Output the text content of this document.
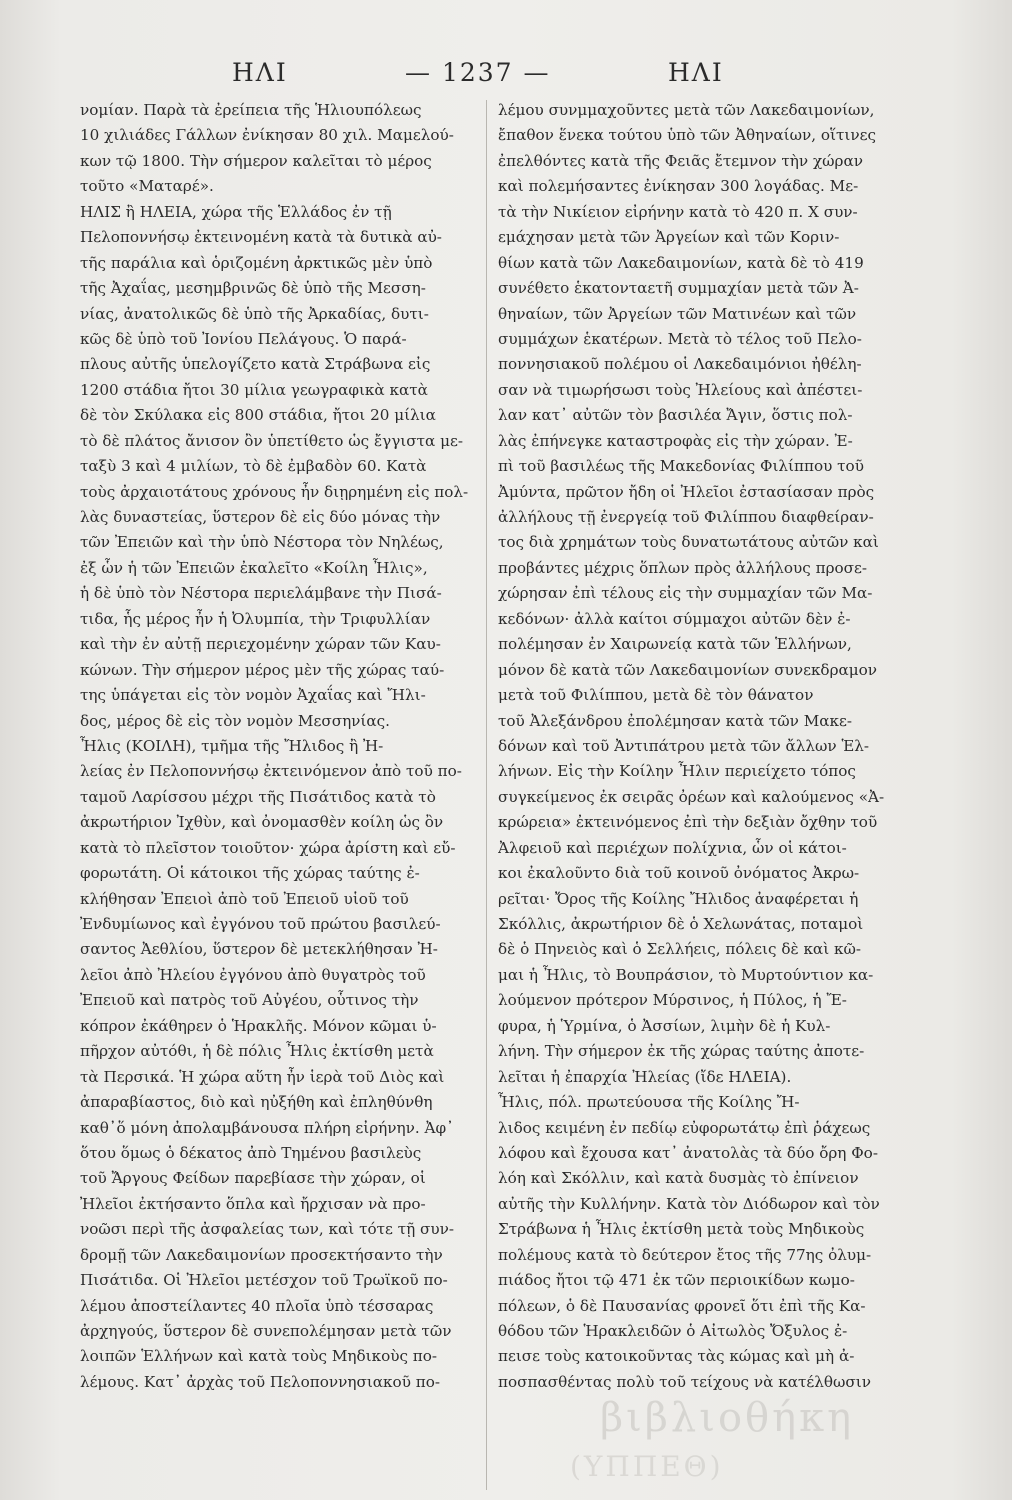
ΗΛΙ	— 1237 —	ΗΛΙ
νομίαν. Παρὰ τὰ ἐρείπεια τῆς Ἡλιουπόλεως
10 χιλιάδες Γάλλων ἐνίκησαν 80 χιλ. Μαμελού-
κων τῷ 1800. Τὴν σήμερον καλεῖται τὸ μέρος
τοῦτο «Ματαρέ».
ΗΛΙΣ ἢ ΗΛΕΙΑ, χώρα τῆς Ἑλλάδος ἐν τῇ
Πελοποννήσῳ ἐκτεινομένη κατὰ τὰ δυτικὰ αὐ-
τῆς παράλια καὶ ὁριζομένη ἀρκτικῶς μὲν ὑπὸ
τῆς Ἀχαΐας, μεσημβρινῶς δὲ ὑπὸ τῆς Μεσση-
νίας, ἀνατολικῶς δὲ ὑπὸ τῆς Ἀρκαδίας, δυτι-
κῶς δὲ ὑπὸ τοῦ Ἰονίου Πελάγους. Ὁ παρά-
πλους αὐτῆς ὑπελογίζετο κατὰ Στράβωνα εἰς
1200 στάδια ἤτοι 30 μίλια γεωγραφικὰ κατὰ
δὲ τὸν Σκύλακα εἰς 800 στάδια, ἤτοι 20 μίλια
τὸ δὲ πλάτος ἄνισον ὂν ὑπετίθετο ὡς ἔγγιστα με-
ταξὺ 3 καὶ 4 μιλίων, τὸ δὲ ἐμβαδὸν 60. Κατὰ
τοὺς ἀρχαιοτάτους χρόνους ἦν διῃρημένη εἰς πολ-
λὰς δυναστείας, ὕστερον δὲ εἰς δύο μόνας τὴν
τῶν Ἐπειῶν καὶ τὴν ὑπὸ Νέστορα τὸν Νηλέως,
ἐξ ὧν ἡ τῶν Ἐπειῶν ἐκαλεῖτο «Κοίλη Ἦλις»,
ἡ δὲ ὑπὸ τὸν Νέστορα περιελάμβανε τὴν Πισά-
τιδα, ἧς μέρος ἦν ἡ Ὀλυμπία, τὴν Τριφυλλίαν
καὶ τὴν ἐν αὐτῇ περιεχομένην χώραν τῶν Καυ-
κώνων. Τὴν σήμερον μέρος μὲν τῆς χώρας ταύ-
της ὑπάγεται εἰς τὸν νομὸν Ἀχαΐας καὶ Ἤλι-
δος, μέρος δὲ εἰς τὸν νομὸν Μεσσηνίας.
Ἦλις (ΚΟΙΛΗ), τμῆμα τῆς Ἤλιδος ἢ Ἠ-
λείας ἐν Πελοποννήσῳ ἐκτεινόμενον ἀπὸ τοῦ πο-
ταμοῦ Λαρίσσου μέχρι τῆς Πισάτιδος κατὰ τὸ
ἀκρωτήριον Ἰχθὺν, καὶ ὀνομασθὲν κοίλη ὡς ὂν
κατὰ τὸ πλεῖστον τοιοῦτον· χώρα ἀρίστη καὶ εὔ-
φορωτάτη. Οἱ κάτοικοι τῆς χώρας ταύτης ἐ-
κλήθησαν Ἐπειοὶ ἀπὸ τοῦ Ἐπειοῦ υἱοῦ τοῦ
Ἐνδυμίωνος καὶ ἐγγόνου τοῦ πρώτου βασιλεύ-
σαντος Ἀεθλίου, ὕστερον δὲ μετεκλήθησαν Ἠ-
λεῖοι ἀπὸ Ἠλείου ἐγγόνου ἀπὸ θυγατρὸς τοῦ
Ἐπειοῦ καὶ πατρὸς τοῦ Αὐγέου, οὗτινος τὴν
κόπρον ἐκάθηρεν ὁ Ἡρακλῆς. Μόνον κῶμαι ὑ-
πῆρχον αὐτόθι, ἡ δὲ πόλις Ἦλις ἐκτίσθη μετὰ
τὰ Περσικά. Ἡ χώρα αὕτη ἦν ἱερὰ τοῦ Διὸς καὶ
ἀπαραβίαστος, διὸ καὶ ηὐξήθη καὶ ἐπληθύνθη
καθ᾽ὅ μόνη ἀπολαμβάνουσα πλήρη εἰρήνην. Ἀφ᾽
ὅτου ὅμως ὁ δέκατος ἀπὸ Τημένου βασιλεὺς
τοῦ Ἄργους Φείδων παρεβίασε τὴν χώραν, οἱ
Ἠλεῖοι ἐκτήσαντο ὅπλα καὶ ἤρχισαν νὰ προ-
νοῶσι περὶ τῆς ἀσφαλείας των, καὶ τότε τῇ συν-
δρομῇ τῶν Λακεδαιμονίων προσεκτήσαντο τὴν
Πισάτιδα. Οἱ Ἠλεῖοι μετέσχον τοῦ Τρωϊκοῦ πο-
λέμου ἀποστείλαντες 40 πλοῖα ὑπὸ τέσσαρας
ἀρχηγούς, ὕστερον δὲ συνεπολέμησαν μετὰ τῶν
λοιπῶν Ἑλλήνων καὶ κατὰ τοὺς Μηδικοὺς πο-
λέμους. Κατ᾽ ἀρχὰς τοῦ Πελοποννησιακοῦ πο-
λέμου συνμμαχοῦντες μετὰ τῶν Λακεδαιμονίων,
ἔπαθον ἕνεκα τούτου ὑπὸ τῶν Ἀθηναίων, οἵτινες
ἐπελθόντες κατὰ τῆς Φειᾶς ἔτεμνον τὴν χώραν
καὶ πολεμήσαντες ἐνίκησαν 300 λογάδας. Με-
τὰ τὴν Νικίειον εἰρήνην κατὰ τὸ 420 π. Χ συν-
εμάχησαν μετὰ τῶν Ἀργείων καὶ τῶν Κοριν-
θίων κατὰ τῶν Λακεδαιμονίων, κατὰ δὲ τὸ 419
συνέθετο ἑκατονταετῆ συμμαχίαν μετὰ τῶν Ἀ-
θηναίων, τῶν Ἀργείων τῶν Ματινέων καὶ τῶν
συμμάχων ἑκατέρων. Μετὰ τὸ τέλος τοῦ Πελο-
ποννησιακοῦ πολέμου οἱ Λακεδαιμόνιοι ἠθέλη-
σαν νὰ τιμωρήσωσι τοὺς Ἠλείους καὶ ἀπέστει-
λαν κατ᾽ αὐτῶν τὸν βασιλέα Ἄγιν, ὅστις πολ-
λὰς ἐπήνεγκε καταστροφὰς εἰς τὴν χώραν. Ἐ-
πὶ τοῦ βασιλέως τῆς Μακεδονίας Φιλίππου τοῦ
Ἀμύντα, πρῶτον ἤδη οἱ Ἠλεῖοι ἐστασίασαν πρὸς
ἀλλήλους τῇ ἐνεργείᾳ τοῦ Φιλίππου διαφθείραν-
τος διὰ χρημάτων τοὺς δυνατωτάτους αὐτῶν καὶ
προβάντες μέχρις ὅπλων πρὸς ἀλλήλους προσε-
χώρησαν ἐπὶ τέλους εἰς τὴν συμμαχίαν τῶν Μα-
κεδόνων· ἀλλὰ καίτοι σύμμαχοι αὐτῶν δὲν ἐ-
πολέμησαν ἐν Χαιρωνείᾳ κατὰ τῶν Ἑλλήνων,
μόνον δὲ κατὰ τῶν Λακεδαιμονίων συνεκδραμον
μετὰ τοῦ Φιλίππου, μετὰ δὲ τὸν θάνατον
τοῦ Ἀλεξάνδρου ἐπολέμησαν κατὰ τῶν Μακε-
δόνων καὶ τοῦ Ἀντιπάτρου μετὰ τῶν ἄλλων Ἑλ-
λήνων. Εἰς τὴν Κοίλην Ἦλιν περιείχετο τόπος
συγκείμενος ἐκ σειρᾶς ὀρέων καὶ καλούμενος «Ἀ-
κρώρεια» ἐκτεινόμενος ἐπὶ τὴν δεξιὰν ὄχθην τοῦ
Ἀλφειοῦ καὶ περιέχων πολίχνια, ὧν οἱ κάτοι-
κοι ἐκαλοῦντο διὰ τοῦ κοινοῦ ὀνόματος Ἀκρω-
ρεῖται· Ὄρος τῆς Κοίλης Ἤλιδος ἀναφέρεται ἡ
Σκόλλις, ἀκρωτήριον δὲ ὁ Χελωνάτας, ποταμοὶ
δὲ ὁ Πηνειὸς καὶ ὁ Σελλήεις, πόλεις δὲ καὶ κῶ-
μαι ἡ Ἦλις, τὸ Βουπράσιον, τὸ Μυρτούντιον κα-
λούμενον πρότερον Μύρσινος, ἡ Πύλος, ἡ Ἔ-
φυρα, ἡ Ὑρμίνα, ὁ Ἀσσίων, λιμὴν δὲ ἡ Κυλ-
λήνη. Τὴν σήμερον ἐκ τῆς χώρας ταύτης ἀποτε-
λεῖται ἡ ἐπαρχία Ἠλείας (ἴδε ΗΛΕΙΑ).
Ἦλις, πόλ. πρωτεύουσα τῆς Κοίλης Ἤ-
λιδος κειμένη ἐν πεδίῳ εὐφορωτάτῳ ἐπὶ ῥάχεως
λόφου καὶ ἔχουσα κατ᾽ ἀνατολὰς τὰ δύο ὄρη Φο-
λόη καὶ Σκόλλιν, καὶ κατὰ δυσμὰς τὸ ἐπίνειον
αὐτῆς τὴν Κυλλήνην. Κατὰ τὸν Διόδωρον καὶ τὸν
Στράβωνα ἡ Ἦλις ἐκτίσθη μετὰ τοὺς Μηδικοὺς
πολέμους κατὰ τὸ δεύτερον ἔτος τῆς 77ης ὀλυμ-
πιάδος ἤτοι τῷ 471 ἐκ τῶν περιοικίδων κωμο-
πόλεων, ὁ δὲ Παυσανίας φρονεῖ ὅτι ἐπὶ τῆς Κα-
θόδου τῶν Ἡρακλειδῶν ὁ Αἰτωλὸς Ὄξυλος ἐ-
πεισε τοὺς κατοικοῦντας τὰς κώμας καὶ μὴ ἀ-
ποσπασθέντας πολὺ τοῦ τείχους νὰ κατέλθωσιν
βιβλιοθήκη
(ΥΠΠΕΘ)
